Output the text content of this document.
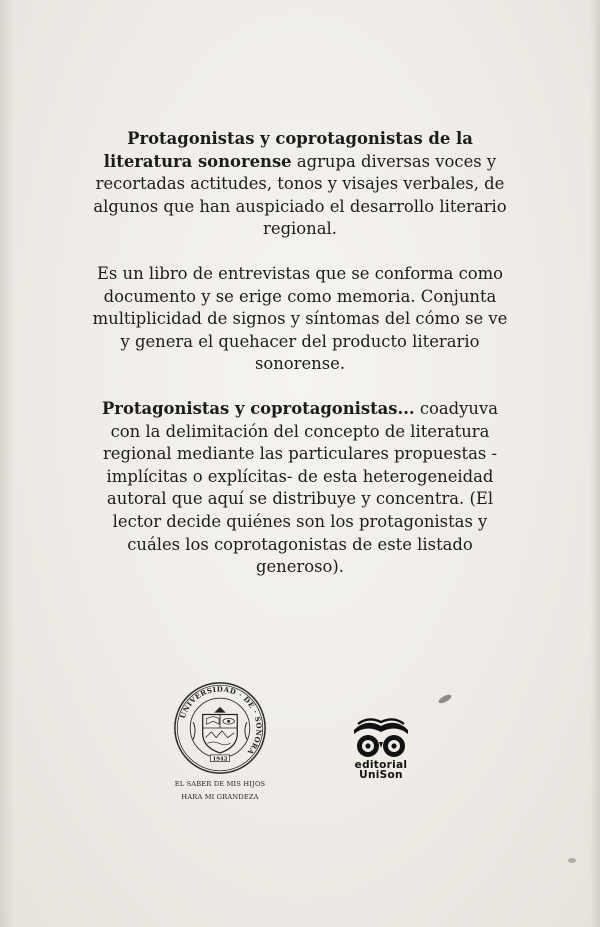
Protagonistas y coprotagonistas de la literatura sonorense agrupa diversas voces y recortadas actitudes, tonos y visajes verbales, de algunos que han auspiciado el desarrollo literario regional.

Es un libro de entrevistas que se conforma como documento y se erige como memoria. Conjunta multiplicidad de signos y síntomas del cómo se ve y genera el quehacer del producto literario sonorense.

Protagonistas y coprotagonistas... coadyuva con la delimitación del concepto de literatura regional mediante las particulares propuestas -implícitas o explícitas- de esta heterogeneidad autoral que aquí se distribuye y concentra. (El lector decide quiénes son los protagonistas y cuáles los coprotagonistas de este listado generoso).

UNIVERSIDAD · DE · SONORA
1942
EL SABER DE MIS HIJOS
HARA MI GRANDEZA
editorial
UniSon
